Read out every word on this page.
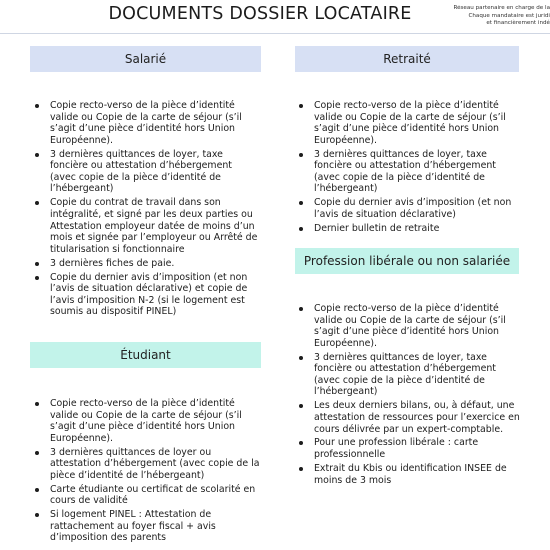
DOCUMENTS DOSSIER LOCATAIRE	Réseau partenaire en charge de la
Chaque mandataire est juridi
et financièrement indé
Salarié
Copie recto-verso de la pièce d’identité valide ou Copie de la carte de séjour (s’il s’agit d’une pièce d’identité hors Union Européenne).
3 dernières quittances de loyer, taxe foncière ou attestation d’hébergement (avec copie de la pièce d’identité de l’hébergeant)
Copie du contrat de travail dans son intégralité, et signé par les deux parties ou Attestation employeur datée de moins d’un mois et signée par l’employeur ou Arrêté de titularisation si fonctionnaire
3 dernières fiches de paie.
Copie du dernier avis d’imposition (et non l’avis de situation déclarative) et copie de l’avis d’imposition N-2 (si le logement est soumis au dispositif PINEL)
Retraité
Copie recto-verso de la pièce d’identité valide ou Copie de la carte de séjour (s’il s’agit d’une pièce d’identité hors Union Européenne).
3 dernières quittances de loyer, taxe foncière ou attestation d’hébergement (avec copie de la pièce d’identité de l’hébergeant)
Copie du dernier avis d’imposition (et non l’avis de situation déclarative)
Dernier bulletin de retraite
Étudiant
Copie recto-verso de la pièce d’identité valide ou Copie de la carte de séjour (s’il s’agit d’une pièce d’identité hors Union Européenne).
3 dernières quittances de loyer ou attestation d’hébergement (avec copie de la pièce d’identité de l’hébergeant)
Carte étudiante ou certificat de scolarité en cours de validité
Si logement PINEL : Attestation de rattachement au foyer fiscal + avis d’imposition des parents
Profession libérale ou non salariée
Copie recto-verso de la pièce d’identité valide ou Copie de la carte de séjour (s’il s’agit d’une pièce d’identité hors Union Européenne).
3 dernières quittances de loyer, taxe foncière ou attestation d’hébergement (avec copie de la pièce d’identité de l’hébergeant)
Les deux derniers bilans, ou, à défaut, une attestation de ressources pour l’exercice en cours délivrée par un expert-comptable.
Pour une profession libérale : carte professionnelle
Extrait du Kbis ou identification INSEE de moins de 3 mois
